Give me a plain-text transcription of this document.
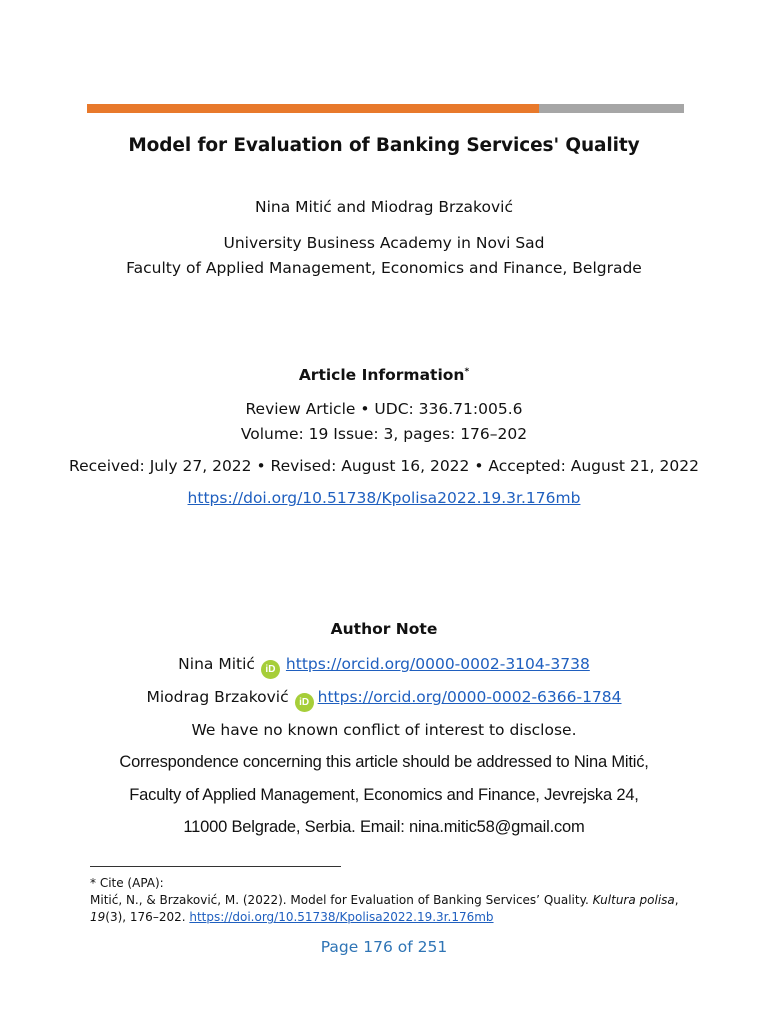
Model for Evaluation of Banking Services' Quality
Nina Mitić and Miodrag Brzaković
University Business Academy in Novi Sad
Faculty of Applied Management, Economics and Finance, Belgrade
Article Information*
Review Article • UDC: 336.71:005.6
Volume: 19 Issue: 3, pages: 176–202
Received: July 27, 2022 • Revised: August 16, 2022 • Accepted: August 21, 2022
https://doi.org/10.51738/Kpolisa2022.19.3r.176mb
Author Note
Nina Mitić iD https://orcid.org/0000-0002-3104-3738
Miodrag Brzaković iD https://orcid.org/0000-0002-6366-1784
We have no known conflict of interest to disclose.
Correspondence concerning this article should be addressed to Nina Mitić,
Faculty of Applied Management, Economics and Finance, Jevrejska 24,
11000 Belgrade, Serbia. Email: nina.mitic58@gmail.com
* Cite (APA):
Mitić, N., & Brzaković, M. (2022). Model for Evaluation of Banking Services’ Quality. Kultura polisa,
19(3), 176–202. https://doi.org/10.51738/Kpolisa2022.19.3r.176mb
Page 176 of 251
